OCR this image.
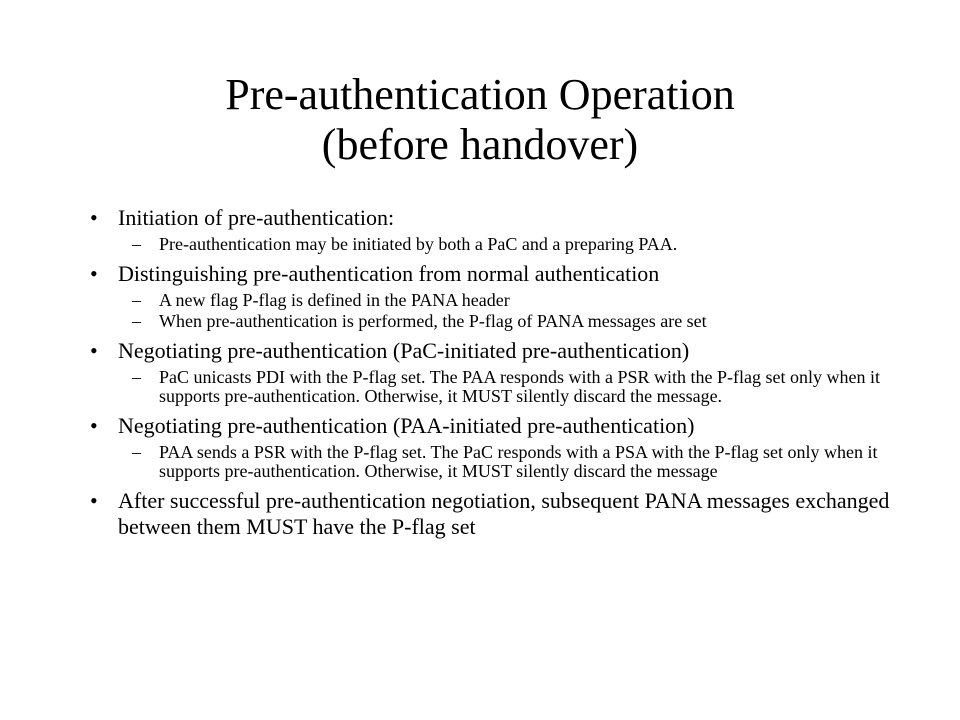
Pre-authentication Operation
(before handover)
• Initiation of pre-authentication:
– Pre-authentication may be initiated by both a PaC and a preparing PAA.
• Distinguishing pre-authentication from normal authentication
– A new flag P-flag is defined in the PANA header
– When pre-authentication is performed, the P-flag of PANA messages are set
• Negotiating pre-authentication (PaC-initiated pre-authentication)
– PaC unicasts PDI with the P-flag set. The PAA responds with a PSR with the P-flag set only when it supports pre-authentication. Otherwise, it MUST silently discard the message.
• Negotiating pre-authentication (PAA-initiated pre-authentication)
– PAA sends a PSR with the P-flag set. The PaC responds with a PSA with the P-flag set only when it supports pre-authentication. Otherwise, it MUST silently discard the message
• After successful pre-authentication negotiation, subsequent PANA messages exchanged between them MUST have the P-flag set
